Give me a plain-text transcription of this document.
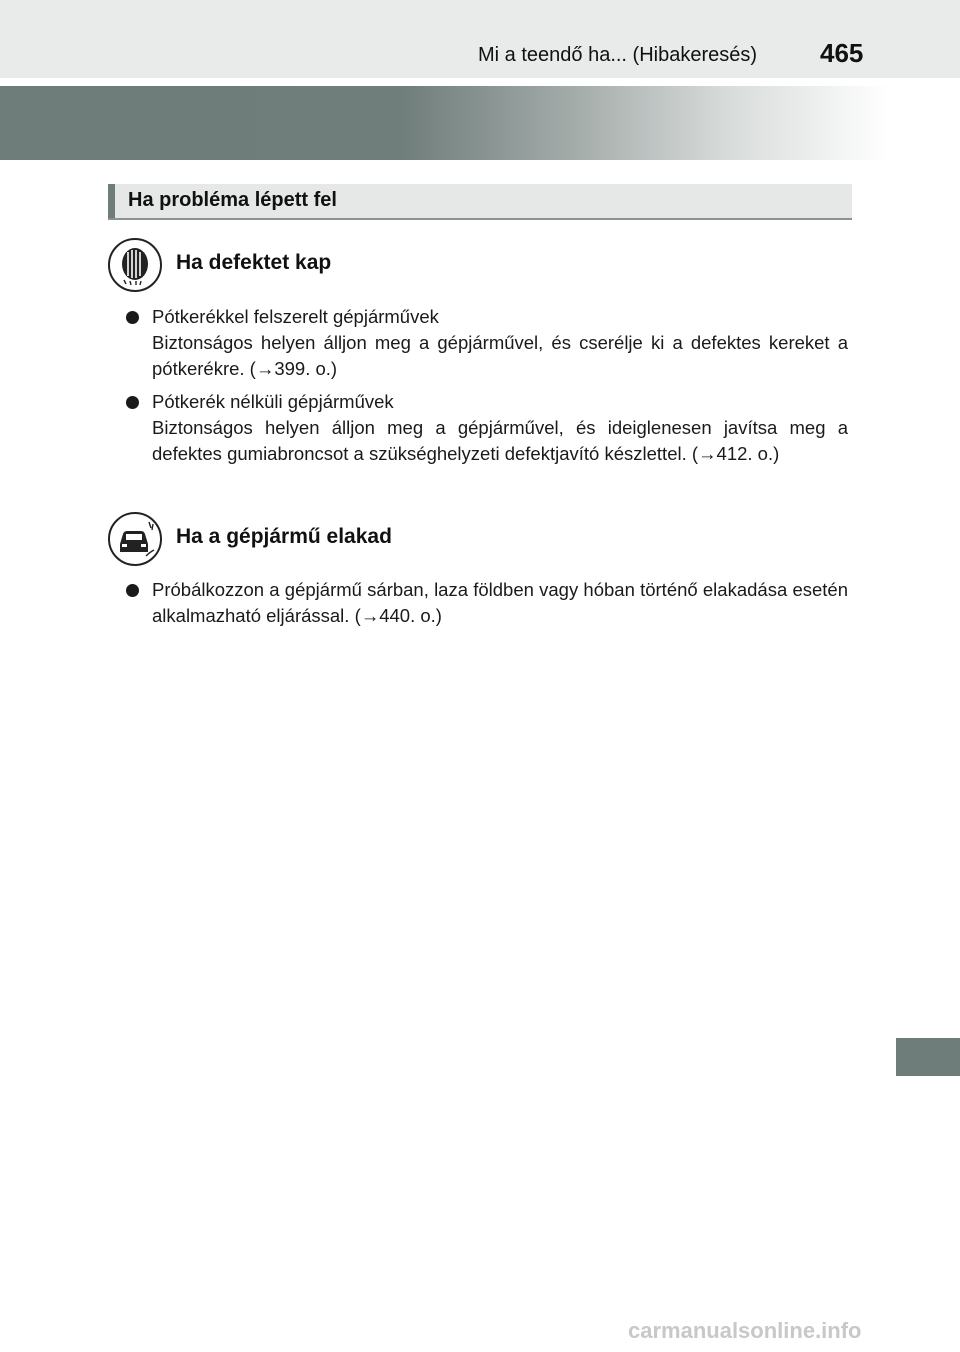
Mi a teendő ha... (Hibakeresés) 465
Ha probléma lépett fel
Ha defektet kap

Pótkerékkel felszerelt gépjárművek

Biztonságos helyen álljon meg a gépjárművel, és cserélje ki a defektes kereket a pótkerékre. (→399. o.)

Pótkerék nélküli gépjárművek

Biztonságos helyen álljon meg a gépjárművel, és ideiglenesen javítsa meg a defektes gumiabroncsot a szükséghelyzeti defektjavító készlettel. (→412. o.)

Ha a gépjármű elakad

Próbálkozzon a gépjármű sárban, laza földben vagy hóban történő elakadása esetén alkalmazható eljárással. (→440. o.)

carmanualsonline.info
